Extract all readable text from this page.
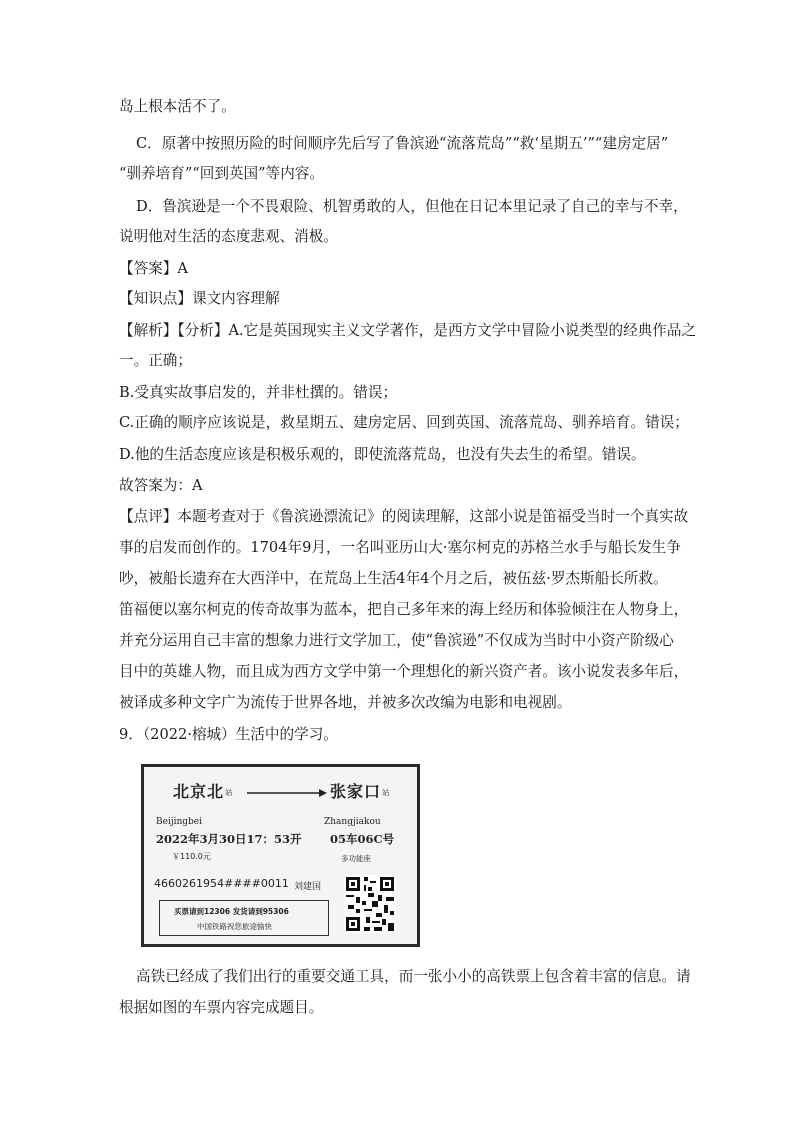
岛上根本活不了。
C．原著中按照历险的时间顺序先后写了鲁滨逊“流落荒岛”“救‘星期五’”“建房定居”
“驯养培育”“回到英国”等内容。
D．鲁滨逊是一个不畏艰险、机智勇敢的人，但他在日记本里记录了自己的幸与不幸，
说明他对生活的态度悲观、消极。
【答案】A
【知识点】课文内容理解
【解析】【分析】A.它是英国现实主义文学著作，是西方文学中冒险小说类型的经典作品之
一。正确；
B.受真实故事启发的，并非杜撰的。错误；
C.正确的顺序应该说是，救星期五、建房定居、回到英国、流落荒岛、驯养培育。错误；
D.他的生活态度应该是积极乐观的，即使流落荒岛，也没有失去生的希望。错误。
故答案为：A
【点评】本题考查对于《鲁滨逊漂流记》的阅读理解，这部小说是笛福受当时一个真实故
事的启发而创作的。1704年9月，一名叫亚历山大·塞尔柯克的苏格兰水手与船长发生争
吵，被船长遗弃在大西洋中，在荒岛上生活4年4个月之后，被伍兹·罗杰斯船长所救。
笛福便以塞尔柯克的传奇故事为蓝本，把自己多年来的海上经历和体验倾注在人物身上，
并充分运用自己丰富的想象力进行文学加工，使“鲁滨逊”不仅成为当时中小资产阶级心
目中的英雄人物，而且成为西方文学中第一个理想化的新兴资产者。该小说发表多年后，
被译成多种文字广为流传于世界各地，并被多次改编为电影和电视剧。
9．（2022·榕城）生活中的学习。
北京北站	张家口站
Beijingbei	Zhangjiakou
2022年3月30日17：53开 05车06C号
￥110.0元	多功能座
4660261954####0011 刘建国
买票请到12306 发货请到95306
中国铁路祝您旅途愉快
高铁已经成了我们出行的重要交通工具，而一张小小的高铁票上包含着丰富的信息。请
根据如图的车票内容完成题目。
